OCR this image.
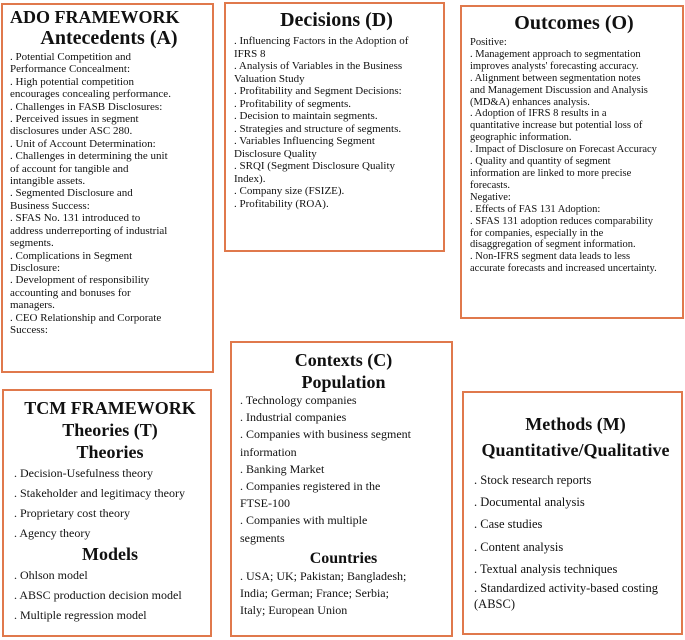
ADO FRAMEWORK
Antecedents (A)
. Potential Competition and
Performance Concealment:
. High potential competition
encourages concealing performance.
. Challenges in FASB Disclosures:
. Perceived issues in segment
disclosures under ASC 280.
. Unit of Account Determination:
. Challenges in determining the unit
of account for tangible and
intangible assets.
. Segmented Disclosure and
Business Success:
. SFAS No. 131 introduced to
address underreporting of industrial
segments.
. Complications in Segment
Disclosure:
. Development of responsibility
accounting and bonuses for
managers.
. CEO Relationship and Corporate
Success:
Decisions (D)
. Influencing Factors in the Adoption of
IFRS 8
. Analysis of Variables in the Business
Valuation Study
. Profitability and Segment Decisions:
. Profitability of segments.
. Decision to maintain segments.
. Strategies and structure of segments.
. Variables Influencing Segment
Disclosure Quality
. SRQI (Segment Disclosure Quality
Index).
. Company size (FSIZE).
. Profitability (ROA).
Outcomes (O)
Positive:
. Management approach to segmentation
improves analysts' forecasting accuracy.
. Alignment between segmentation notes
and Management Discussion and Analysis
(MD&A) enhances analysis.
. Adoption of IFRS 8 results in a
quantitative increase but potential loss of
geographic information.
. Impact of Disclosure on Forecast Accuracy
. Quality and quantity of segment
information are linked to more precise
forecasts.
Negative:
. Effects of FAS 131 Adoption:
. SFAS 131 adoption reduces comparability
for companies, especially in the
disaggregation of segment information.
. Non-IFRS segment data leads to less
accurate forecasts and increased uncertainty.
TCM FRAMEWORK
Theories (T)
Theories
. Decision-Usefulness theory
. Stakeholder and legitimacy theory
. Proprietary cost theory
. Agency theory
Models
. Ohlson model
. ABSC production decision model
. Multiple regression model
Contexts (C)
Population
. Technology companies
. Industrial companies
. Companies with business segment
information
. Banking Market
. Companies registered in the
FTSE-100
. Companies with multiple
segments
Countries
. USA; UK; Pakistan; Bangladesh;
India; German; France; Serbia;
Italy; European Union
Methods (M)
Quantitative/Qualitative
. Stock research reports
. Documental analysis
. Case studies
. Content analysis
. Textual analysis techniques
. Standardized activity-based costing
(ABSC)
